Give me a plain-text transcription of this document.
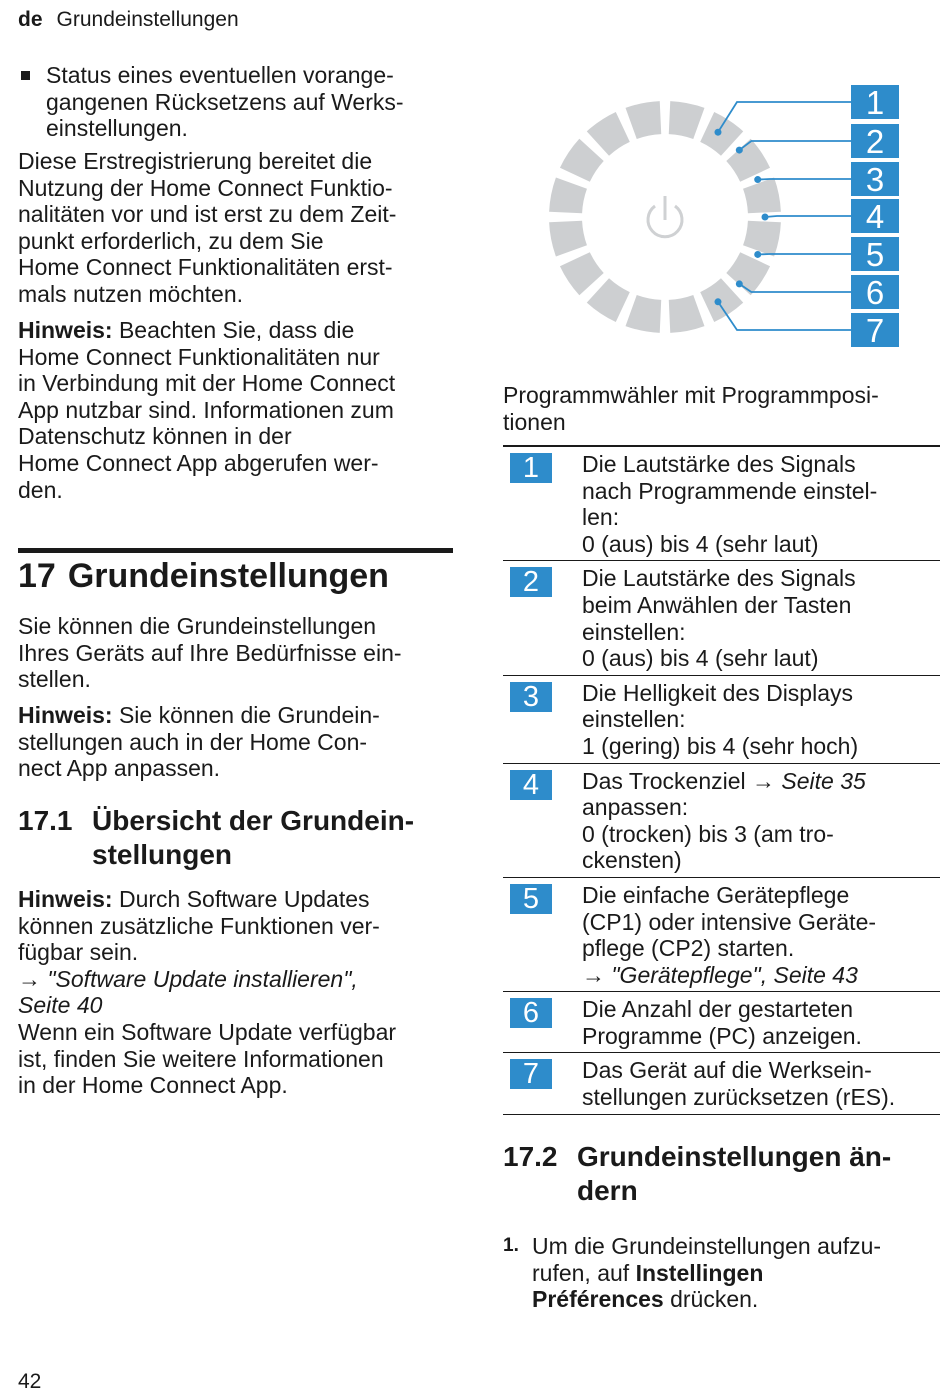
de Grundeinstellungen

Status eines eventuellen vorange-
gangenen Rücksetzens auf Werks-
einstellungen.

Diese Erstregistrierung bereitet die
Nutzung der Home Connect Funktio-
nalitäten vor und ist erst zu dem Zeit-
punkt erforderlich, zu dem Sie
Home Connect Funktionalitäten erst-
mals nutzen möchten.

Hinweis: Beachten Sie, dass die
Home Connect Funktionalitäten nur
in Verbindung mit der Home Connect
App nutzbar sind. Informationen zum
Datenschutz können in der
Home Connect App abgerufen wer-
den.

17 Grundeinstellungen

Sie können die Grundeinstellungen
Ihres Geräts auf Ihre Bedürfnisse ein-
stellen.

Hinweis: Sie können die Grundein-
stellungen auch in der Home Con-
nect App anpassen.

17.1 Übersicht der Grundein-
stellungen

Hinweis: Durch Software Updates
können zusätzliche Funktionen ver-
fügbar sein.
→ "Software Update installieren",
Seite 40
Wenn ein Software Update verfügbar
ist, finden Sie weitere Informationen
in der Home Connect App.

1
2
3
4
5
6
7

Programmwähler mit Programmposi-
tionen

1	Die Lautstärke des Signals
nach Programmende einstel-
len:
0 (aus) bis 4 (sehr laut)
2	Die Lautstärke des Signals
beim Anwählen der Tasten
einstellen:
0 (aus) bis 4 (sehr laut)
3	Die Helligkeit des Displays
einstellen:
1 (gering) bis 4 (sehr hoch)
4	Das Trockenziel → Seite 35
anpassen:
0 (trocken) bis 3 (am tro-
ckensten)
5	Die einfache Gerätepflege
(CP1) oder intensive Geräte-
pflege (CP2) starten.
→ "Gerätepflege", Seite 43
6	Die Anzahl der gestarteten
Programme (PC) anzeigen.
7	Das Gerät auf die Werksein-
stellungen zurücksetzen (rES).
17.2 Grundeinstellungen än-
dern
1. Um die Grundeinstellungen aufzu-
rufen, auf Instellingen
Préférences drücken.

42
